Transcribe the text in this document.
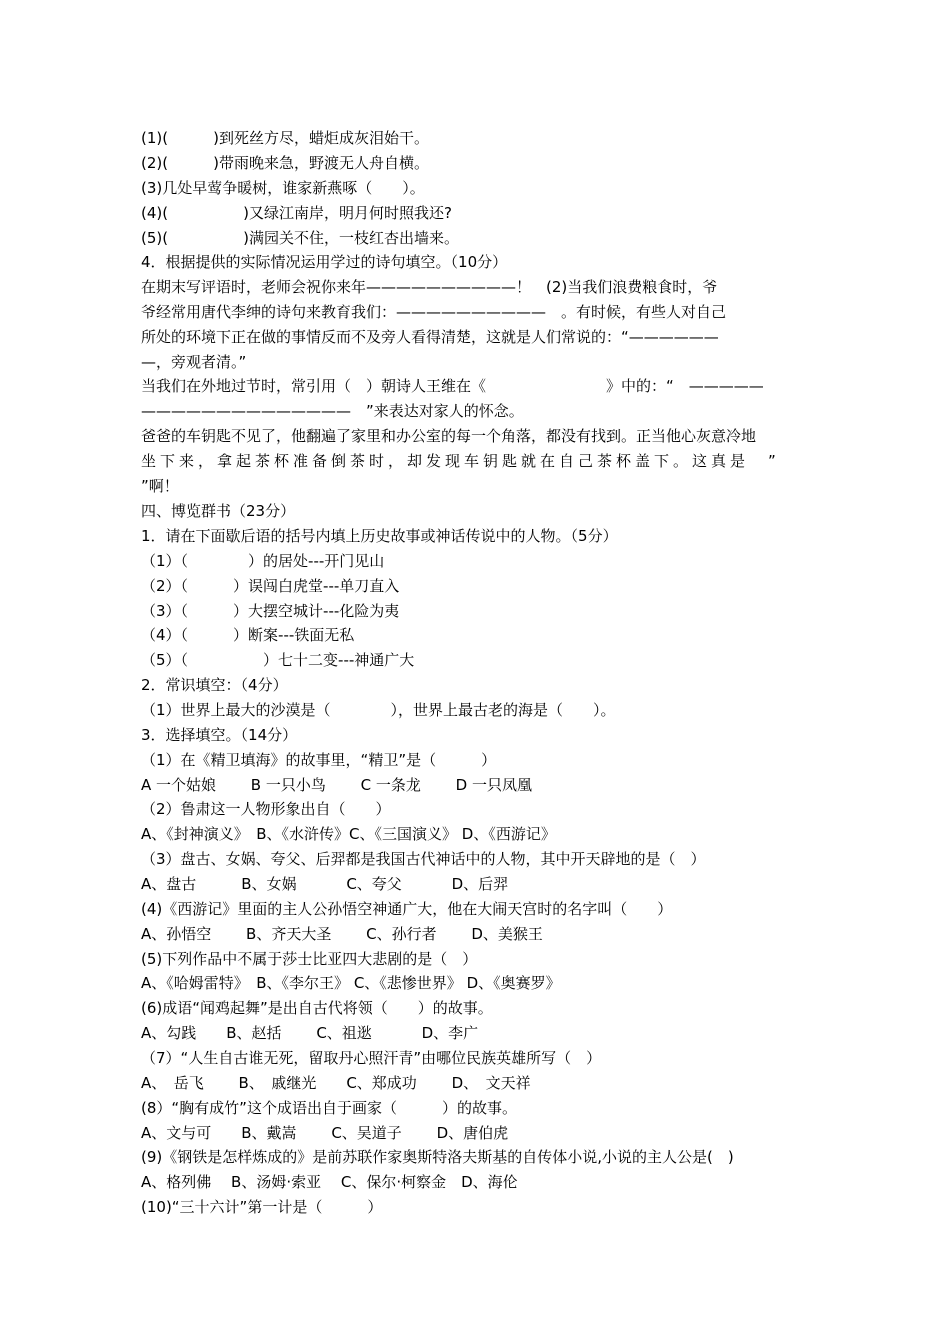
(1)(　　　)到死丝方尽，蜡炬成灰泪始干。
(2)(　　　)带雨晚来急，野渡无人舟自横。
(3)几处早莺争暖树，谁家新燕啄（　　）。
(4)(　　　　　)又绿江南岸，明月何时照我还?
(5)(　　　　　)满园关不住，一枝红杏出墙来。
4．根据提供的实际情况运用学过的诗句填空。（10分）
在期末写评语时，老师会祝你来年——————————！　(2)当我们浪费粮食时，爷
爷经常用唐代李绅的诗句来教育我们：——————————　。有时候，有些人对自己
所处的环境下正在做的事情反而不及旁人看得清楚，这就是人们常说的：“——————
—，旁观者清。”
当我们在外地过节时，常引用（　）朝诗人王维在《　　　　　　　　》中的：“　—————
——————————————　”来表达对家人的怀念。
爸爸的车钥匙不见了，他翻遍了家里和办公室的每一个角落，都没有找到。正当他心灰意冷地
坐下来，拿起茶杯准备倒茶时，却发现车钥匙就在自己茶杯盖下。这真是　”
”啊！
四、博览群书（23分）
1．请在下面歇后语的括号内填上历史故事或神话传说中的人物。（5分）
（1）（　　　　）的居处---开门见山
（2）（　　　）误闯白虎堂---单刀直入
（3）（　　　）大摆空城计---化险为夷
（4）（　　　）断案---铁面无私
（5）（　　　　　）七十二变---神通广大
2．常识填空：（4分）
（1）世界上最大的沙漠是（　　　　），世界上最古老的海是（　　）。
3．选择填空。（14分）
（1）在《精卫填海》的故事里，“精卫”是（　　　）
A 一个姑娘　　 B 一只小鸟　　 C 一条龙　　 D 一只凤凰
（2）鲁肃这一人物形象出自（　　）
A、《封神演义》　B、《水浒传》C、《三国演义》 D、《西游记》
（3）盘古、女娲、夸父、后羿都是我国古代神话中的人物，其中开天辟地的是（　）
A、盘古　　　B、女娲　　　 C、夸父　　　 D、后羿
(4)《西游记》里面的主人公孙悟空神通广大，他在大闹天宫时的名字叫（　　）
A、孙悟空　　 B、齐天大圣　　 C、孙行者　　 D、美猴王
(5)下列作品中不属于莎士比亚四大悲剧的是（　）
A、《哈姆雷特》　B、《李尔王》 C、《悲惨世界》 D、《奥赛罗》
(6)成语“闻鸡起舞”是出自古代将领（　　）的故事。
A、勾践　　B、赵括　　 C、祖逖　　　 D、李广
（7）“人生自古谁无死，留取丹心照汗青”由哪位民族英雄所写（　）
A、　岳飞　　 B、　戚继光　　C、郑成功　　 D、　文天祥
(8）“胸有成竹”这个成语出自于画家（　　　）的故事。
A、文与可　　B、戴嵩　　 C、吴道子　　 D、唐伯虎
(9)《钢铁是怎样炼成的》是前苏联作家奥斯特洛夫斯基的自传体小说,小说的主人公是(　)
A、格列佛　 B、汤姆·索亚　 C、保尔·柯察金　D、海伦
(10)“三十六计”第一计是（　　　）
